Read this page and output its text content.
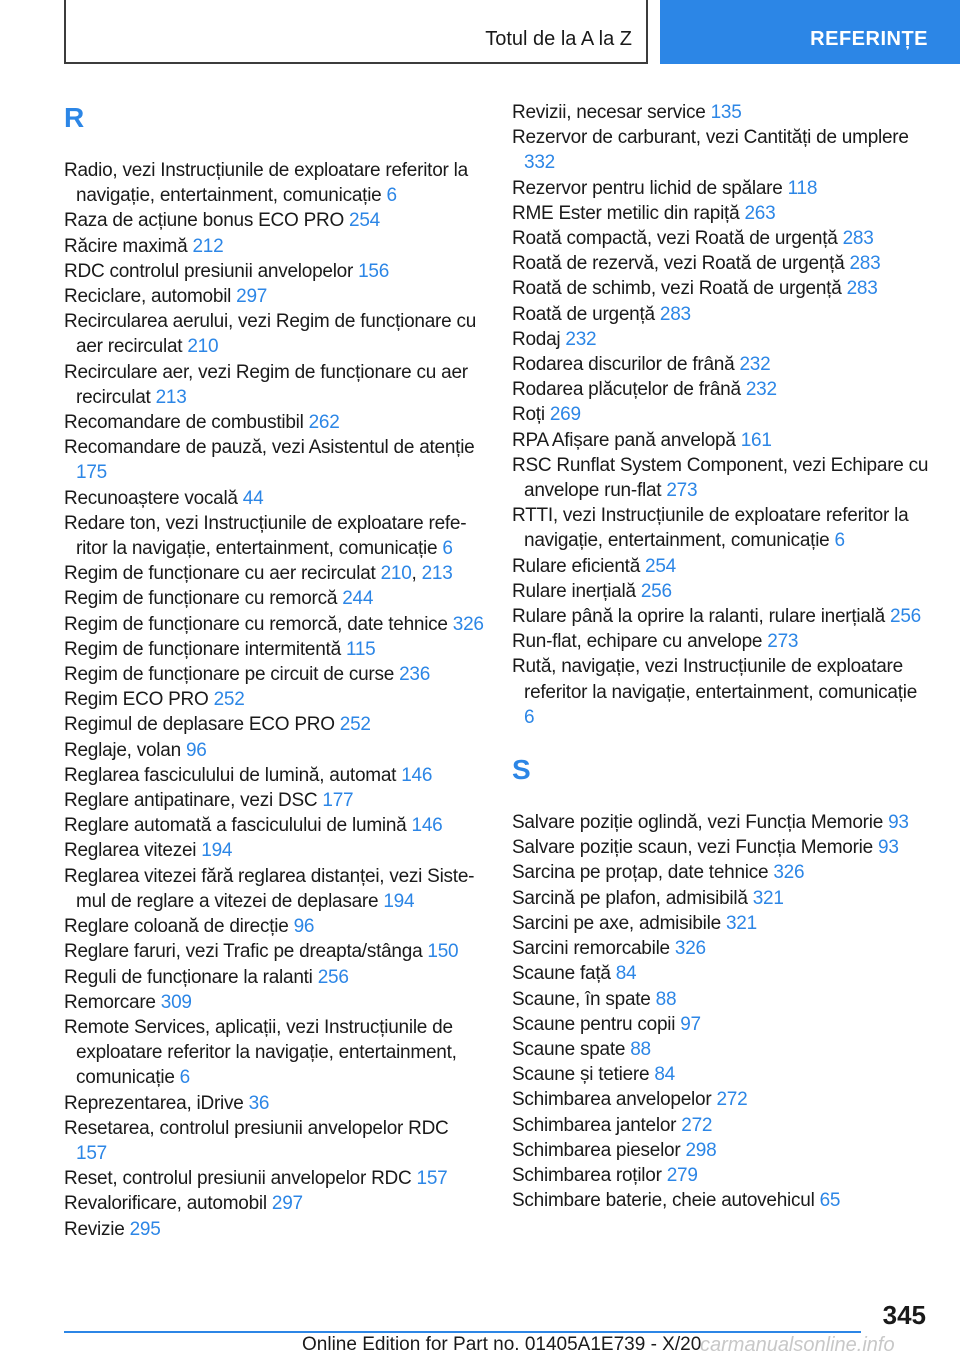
Totul de la A la Z	REFERINȚE
R

Radio, vezi Instrucțiunile de exploatare referitor la navigație, entertainment, comunicație 6

Raza de acțiune bonus ECO PRO 254

Răcire maximă 212

RDC controlul presiunii anvelopelor 156

Reciclare, automobil 297

Recircularea aerului, vezi Regim de funcționare cu aer recirculat 210

Recirculare aer, vezi Regim de funcționare cu aer recirculat 213

Recomandare de combustibil 262

Recomandare de pauză, vezi Asistentul de atenție 175

Recunoaștere vocală 44

Redare ton, vezi Instrucțiunile de exploatare referitor la navigație, entertainment, comunicație 6

Regim de funcționare cu aer recirculat 210, 213

Regim de funcționare cu remorcă 244

Regim de funcționare cu remorcă, date tehnice 326

Regim de funcționare intermitentă 115

Regim de funcționare pe circuit de curse 236

Regim ECO PRO 252

Regimul de deplasare ECO PRO 252

Reglaje, volan 96

Reglarea fasciculului de lumină, automat 146

Reglare antipatinare, vezi DSC 177

Reglare automată a fasciculului de lumină 146

Reglarea vitezei 194

Reglarea vitezei fără reglarea distanței, vezi Sistemul de reglare a vitezei de deplasare 194

Reglare coloană de direcție 96

Reglare faruri, vezi Trafic pe dreapta/stânga 150

Reguli de funcționare la ralanti 256

Remorcare 309

Remote Services, aplicații, vezi Instrucțiunile de exploatare referitor la navigație, entertainment, comunicație 6

Reprezentarea, iDrive 36

Resetarea, controlul presiunii anvelopelor RDC 157

Reset, controlul presiunii anvelopelor RDC 157

Revalorificare, automobil 297

Revizie 295

Revizii, necesar service 135

Rezervor de carburant, vezi Cantități de umplere 332

Rezervor pentru lichid de spălare 118

RME Ester metilic din rapiță 263

Roată compactă, vezi Roată de urgență 283

Roată de rezervă, vezi Roată de urgență 283

Roată de schimb, vezi Roată de urgență 283

Roată de urgență 283

Rodaj 232

Rodarea discurilor de frână 232

Rodarea plăcuțelor de frână 232

Roți 269

RPA Afișare pană anvelopă 161

RSC Runflat System Component, vezi Echipare cu anvelope run-flat 273

RTTI, vezi Instrucțiunile de exploatare referitor la navigație, entertainment, comunicație 6

Rulare eficientă 254

Rulare inerțială 256

Rulare până la oprire la ralanti, rulare inerțială 256

Run-flat, echipare cu anvelope 273

Rută, navigație, vezi Instrucțiunile de exploatare referitor la navigație, entertainment, comunicație 6

S

Salvare poziție oglindă, vezi Funcția Memorie 93

Salvare poziție scaun, vezi Funcția Memorie 93

Sarcina pe proțap, date tehnice 326

Sarcină pe plafon, admisibilă 321

Sarcini pe axe, admisibile 321

Sarcini remorcabile 326

Scaune față 84

Scaune, în spate 88

Scaune pentru copii 97

Scaune spate 88

Scaune și tetiere 84

Schimbarea anvelopelor 272

Schimbarea jantelor 272

Schimbarea pieselor 298

Schimbarea roților 279

Schimbare baterie, cheie autovehicul 65

345
Online Edition for Part no. 01405A1E739 - X/20
carmanualsonline.info
